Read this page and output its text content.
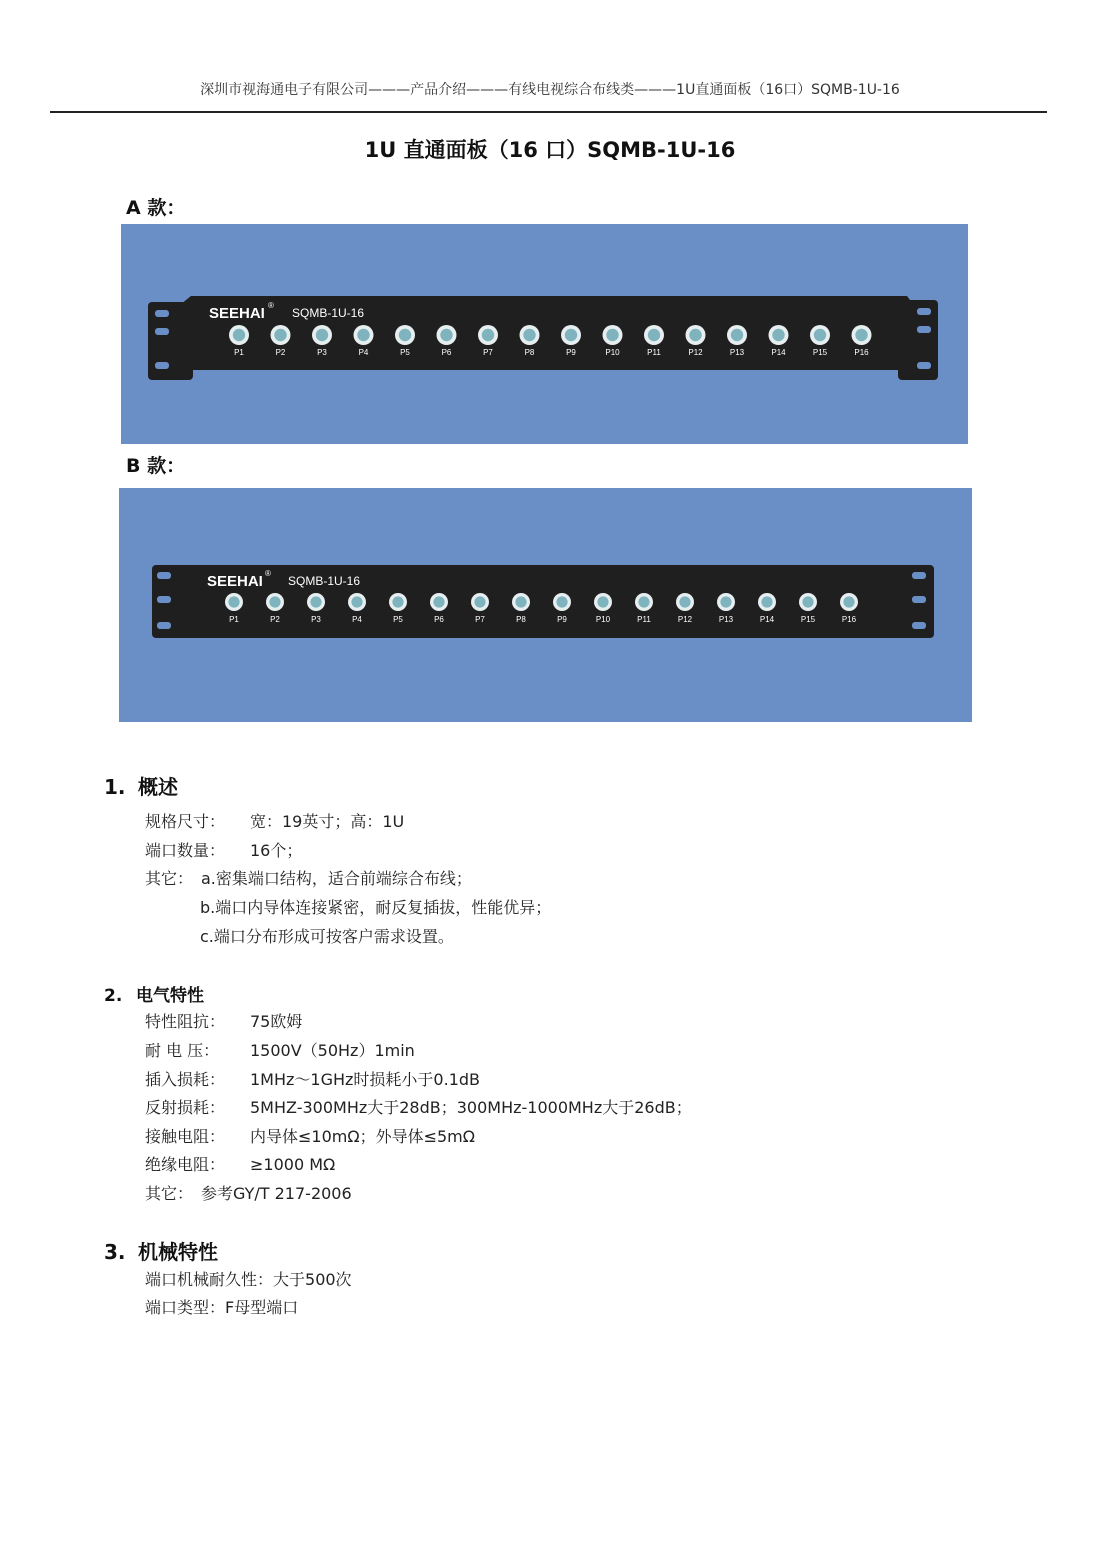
深圳市视海通电子有限公司———产品介绍———有线电视综合布线类———1U直通面板（16口）SQMB-1U-16
1U 直通面板（16 口）SQMB-1U-16
A 款：
SEEHAI ®
SQMB-1U-16
P1	P2	P3	P4	P5	P6	P7	P8	P9	P10	P11	P12	P13	P14	P15	P16
B 款：
SEEHAI ®
SQMB-1U-16
P1	P2	P3	P4	P5	P6	P7	P8	P9	P10	P11	P12	P13	P14	P15	P16
1. 概述
规格尺寸： 宽：19英寸；高：1U
端口数量： 16个；
其它： a.密集端口结构，适合前端综合布线；
b.端口内导体连接紧密，耐反复插拔，性能优异；
c.端口分布形成可按客户需求设置。
2. 电气特性
特性阻抗： 75欧姆
耐 电 压： 1500V（50Hz）1min
插入损耗： 1MHz～1GHz时损耗小于0.1dB
反射损耗： 5MHZ-300MHz大于28dB；300MHz-1000MHz大于26dB；
接触电阻： 内导体≤10mΩ；外导体≤5mΩ
绝缘电阻： ≥1000 MΩ
其它： 参考GY/T 217-2006
3. 机械特性
端口机械耐久性：大于500次
端口类型：F母型端口
